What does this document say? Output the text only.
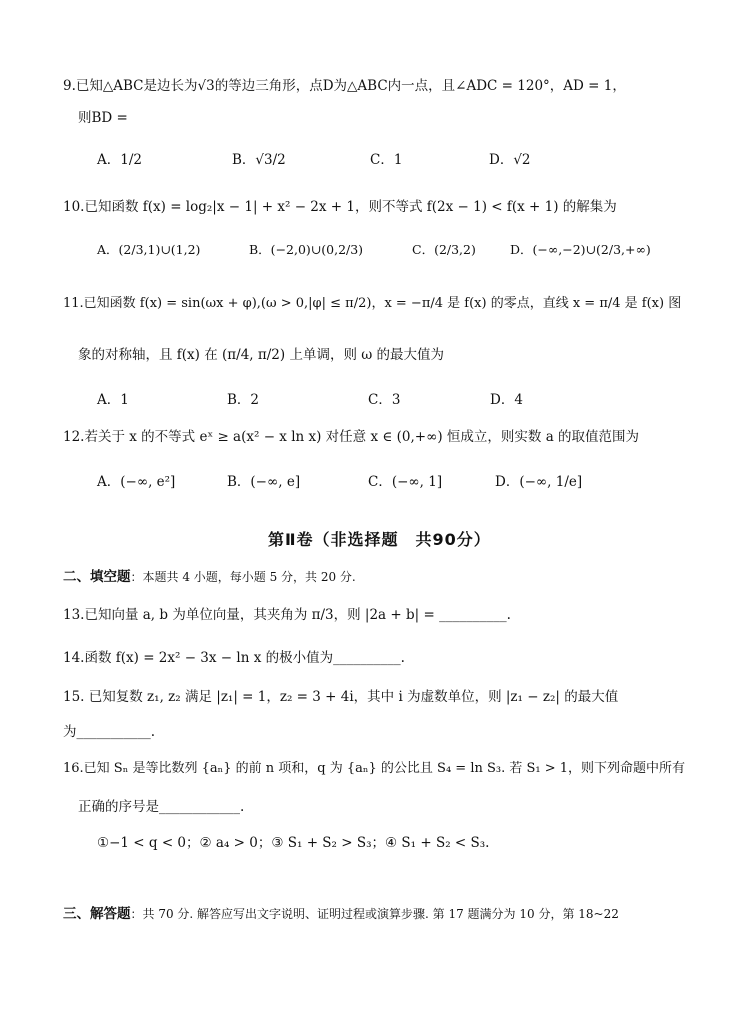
9.已知△ABC是边长为√3的等边三角形，点D为△ABC内一点，且∠ADC = 120°，AD = 1，
则BD =
A．1/2	B．√3/2	C．1	D．√2
10.已知函数 f(x) = log₂|x − 1| + x² − 2x + 1，则不等式 f(2x − 1) < f(x + 1) 的解集为
A．(2/3,1)∪(1,2)	B．(−2,0)∪(0,2/3)	C．(2/3,2)	D．(−∞,−2)∪(2/3,+∞)
11.已知函数 f(x) = sin(ωx + φ),(ω > 0,|φ| ≤ π/2)，x = −π/4 是 f(x) 的零点，直线 x = π/4 是 f(x) 图
象的对称轴，且 f(x) 在 (π/4, π/2) 上单调，则 ω 的最大值为
A．1	B．2	C．3	D．4
12.若关于 x 的不等式 eˣ ≥ a(x² − x ln x) 对任意 x ∈ (0,+∞) 恒成立，则实数 a 的取值范围为
A．(−∞, e²]	B．(−∞, e]	C．(−∞, 1]	D．(−∞, 1/e]
第Ⅱ卷（非选择题　共90分）
二、填空题：本题共 4 小题，每小题 5 分，共 20 分.
13.已知向量 a, b 为单位向量，其夹角为 π/3，则 |2a + b| = __________.
14.函数 f(x) = 2x² − 3x − ln x 的极小值为__________.
15. 已知复数 z₁, z₂ 满足 |z₁| = 1，z₂ = 3 + 4i，其中 i 为虚数单位，则 |z₁ − z₂| 的最大值
为___________.
16.已知 Sₙ 是等比数列 {aₙ} 的前 n 项和，q 为 {aₙ} 的公比且 S₄ = ln S₃. 若 S₁ > 1，则下列命题中所有
正确的序号是____________.
①−1 < q < 0；② a₄ > 0；③ S₁ + S₂ > S₃；④ S₁ + S₂ < S₃.
三、解答题：共 70 分. 解答应写出文字说明、证明过程或演算步骤. 第 17 题满分为 10 分，第 18~22
